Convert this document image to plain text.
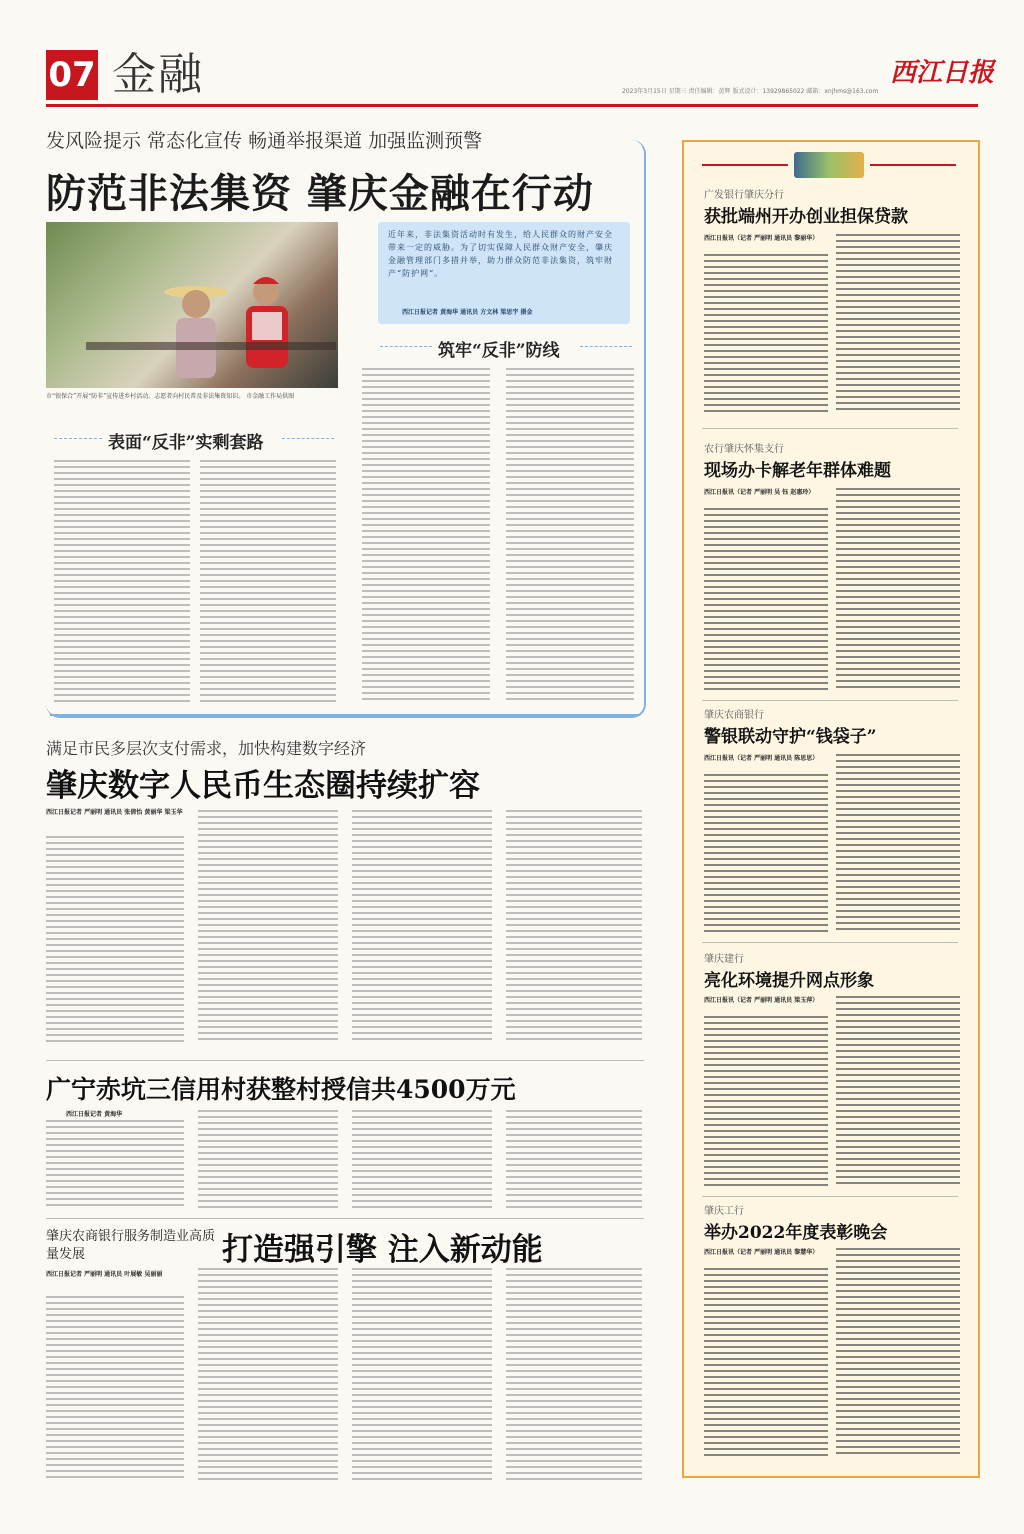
07 金融	2023年3月15日 星期三 责任编辑：黄辉 版式设计：13929865022 邮箱：xnjhms@163.com
西江日报
发风险提示 常态化宣传 畅通举报渠道 加强监测预警
防范非法集资 肇庆金融在行动
市“银保合”开展“防非”宣传进乡村活动。志愿者向村民普及非法集资知识。 市金融工作局供图
近年来，非法集资活动时有发生，给人民群众的财产安全带来一定的威胁。为了切实保障人民群众财产安全，肇庆金融管理部门多措并举，助力群众防范非法集资，筑牢财产“防护网”。
西江日报记者 黄海华 通讯员 方文林 梁思宇 摄金
筑牢“反非”防线
表面“反非”实剩套路
满足市民多层次支付需求，加快构建数字经济
肇庆数字人民币生态圈持续扩容
西江日报记者 严丽明 通讯员 张倩怡 黄丽华 梁玉华
广宁赤坑三信用村获整村授信共4500万元
西江日报记者 黄海华
肇庆农商银行服务制造业高质量发展	打造强引擎 注入新动能
西江日报记者 严丽明 通讯员 叶展敏 吴丽丽
广发银行肇庆分行
获批端州开办创业担保贷款
西江日报讯（记者 严丽明 通讯员 黎丽华）
农行肇庆怀集支行
现场办卡解老年群体难题
西江日报讯（记者 严丽明 吴 钰 赵惠玲）
肇庆农商银行
警银联动守护“钱袋子”
西江日报讯（记者 严丽明 通讯员 陈思思）
肇庆建行
亮化环境提升网点形象
西江日报讯（记者 严丽明 通讯员 梁玉萍）
肇庆工行
举办2022年度表彰晚会
西江日报讯（记者 严丽明 通讯员 黎慧华）
